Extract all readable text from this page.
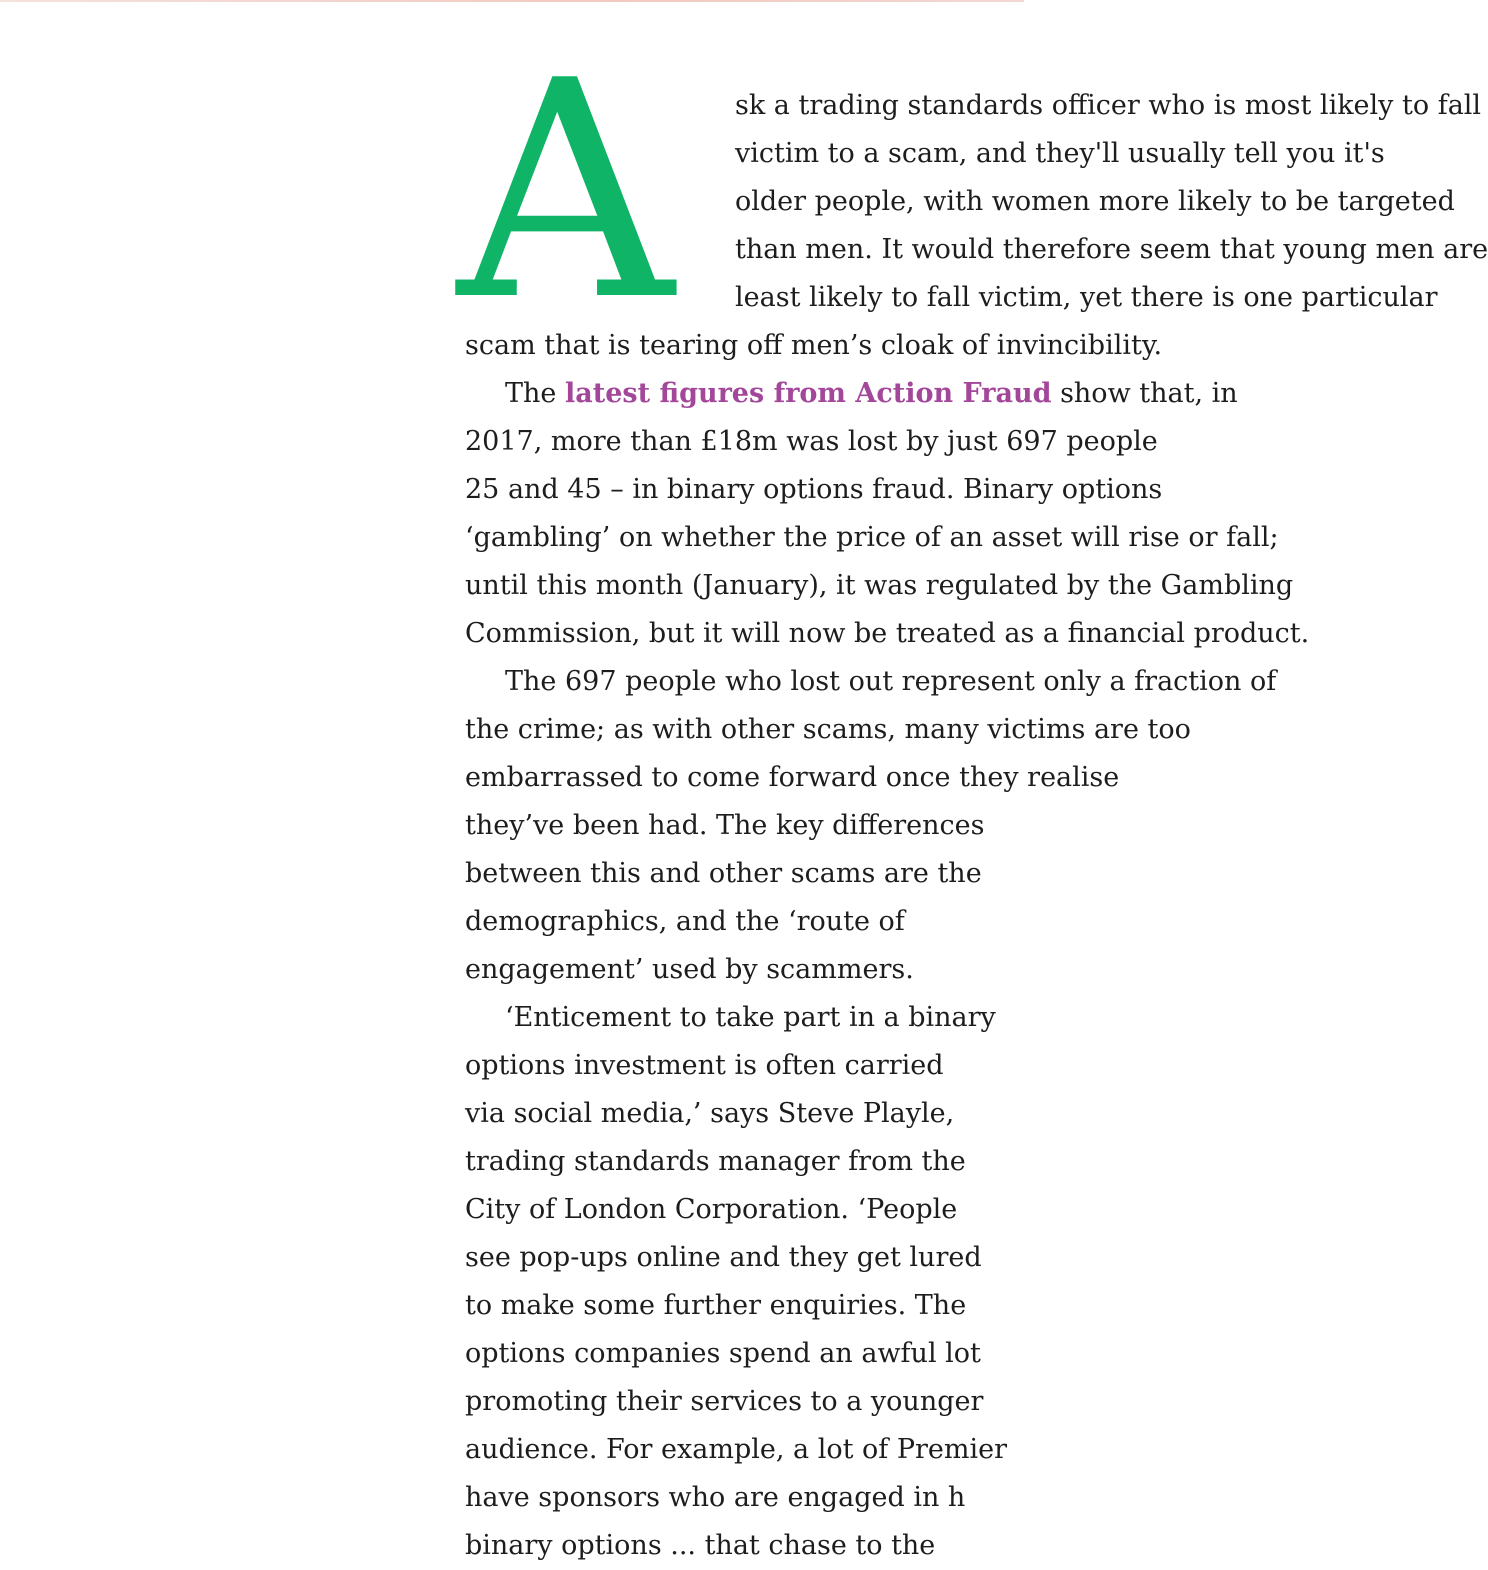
A	sk a trading standards officer who is most likely to fall
victim to a scam, and they'll usually tell you it's
older people, with women more likely to be targeted
than men. It would therefore seem that young men are
least likely to fall victim, yet there is one particular
scam that is tearing off men’s cloak of invincibility.
The latest figures from Action Fraud show that, in
2017, more than £18m was lost by just 697 people
25 and 45 – in binary options fraud. Binary options
‘gambling’ on whether the price of an asset will rise or fall;
until this month (January), it was regulated by the Gambling
Commission, but it will now be treated as a financial product.
The 697 people who lost out represent only a fraction of
the crime; as with other scams, many victims are too
embarrassed to come forward once they realise
they’ve been had. The key differences
between this and other scams are the
demographics, and the ‘route of
engagement’ used by scammers.
‘Enticement to take part in a binary
options investment is often carried
via social media,’ says Steve Playle,
trading standards manager from the
City of London Corporation. ‘People
see pop-ups online and they get lured
to make some further enquiries. The
options companies spend an awful lot
promoting their services to a younger
audience. For example, a lot of Premier
have sponsors who are engaged in h
binary options ... that chase to the
